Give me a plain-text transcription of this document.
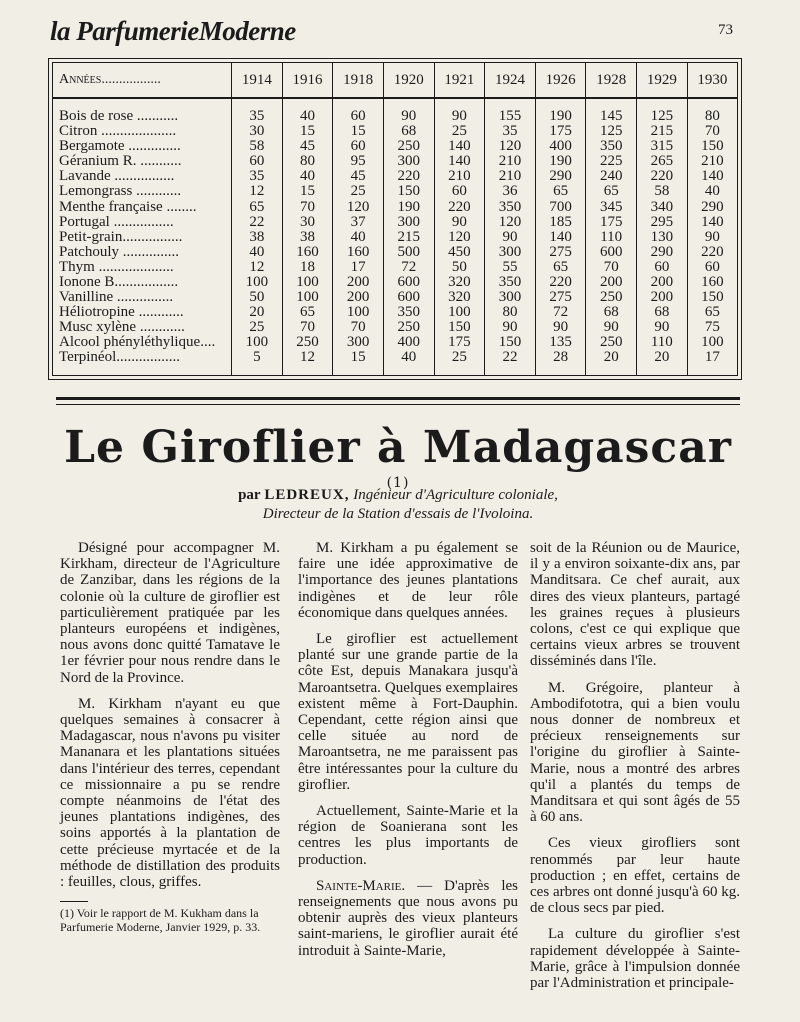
la ParfumerieModerne	73
Années.................	1914	1916	1918	1920	1921	1924	1926	1928	1929	1930

Bois de rose ...........	35	40	60	90	90	155	190	145	125	80
Citron ....................	30	15	15	68	25	35	175	125	215	70
Bergamote ..............	58	45	60	250	140	120	400	350	315	150
Géranium R. ...........	60	80	95	300	140	210	190	225	265	210
Lavande ................	35	40	45	220	210	210	290	240	220	140
Lemongrass ............	12	15	25	150	60	36	65	65	58	40
Menthe française ........	65	70	120	190	220	350	700	345	340	290
Portugal ................	22	30	37	300	90	120	185	175	295	140
Petit-grain................	38	38	40	215	120	90	140	110	130	90
Patchouly ...............	40	160	160	500	450	300	275	600	290	220
Thym ....................	12	18	17	72	50	55	65	70	60	60
Ionone B.................	100	100	200	600	320	350	220	200	200	160
Vanilline ...............	50	100	200	600	320	300	275	250	200	150
Héliotropine ............	20	65	100	350	100	80	72	68	68	65
Musc xylène ............	25	70	70	250	150	90	90	90	90	75
Alcool phényléthylique....	100	250	300	400	175	150	135	250	110	100
Terpinéol.................	5	12	15	40	25	22	28	20	20	17

Le Giroflier à Madagascar $^{(1)}$
par LEDREUX, Ingénieur d'Agriculture coloniale,
Directeur de la Station d'essais de l'Ivoloina.

Désigné pour accompagner M. Kirkham, directeur de l'Agriculture de Zanzibar, dans les régions de la colonie où la culture de giroflier est particulièrement pratiquée par les planteurs européens et indigènes, nous avons donc quitté Tamatave le 1er février pour nous rendre dans le Nord de la Province.

M. Kirkham n'ayant eu que quelques semaines à consacrer à Madagascar, nous n'avons pu visiter Mananara et les plantations situées dans l'intérieur des terres, cependant ce missionnaire a pu se rendre compte néanmoins de l'état des jeunes plantations indigènes, des soins apportés à la plantation de cette précieuse myrtacée et de la méthode de distillation des produits : feuilles, clous, griffes.

M. Kirkham a pu également se faire une idée approximative de l'importance des jeunes plantations indigènes et de leur rôle économique dans quelques années.

Le giroflier est actuellement planté sur une grande partie de la côte Est, depuis Manakara jusqu'à Maroantsetra. Quelques exemplaires existent même à Fort-Dauphin. Cependant, cette région ainsi que celle située au nord de Maroantsetra, ne me paraissent pas être intéressantes pour la culture du giroflier.

Actuellement, Sainte-Marie et la région de Soanierana sont les centres les plus importants de production.

Sainte-Marie. — D'après les renseignements que nous avons pu obtenir auprès des vieux planteurs saint-mariens, le giroflier aurait été introduit à Sainte-Marie,

soit de la Réunion ou de Maurice, il y a environ soixante-dix ans, par Manditsara. Ce chef aurait, aux dires des vieux planteurs, partagé les graines reçues à plusieurs colons, c'est ce qui explique que certains vieux arbres se trouvent disséminés dans l'île.

M. Grégoire, planteur à Ambodifototra, qui a bien voulu nous donner de nombreux et précieux renseignements sur l'origine du giroflier à Sainte-Marie, nous a montré des arbres qu'il a plantés du temps de Manditsara et qui sont âgés de 55 à 60 ans.

Ces vieux girofliers sont renommés par leur haute production ; en effet, certains de ces arbres ont donné jusqu'à 60 kg. de clous secs par pied.

La culture du giroflier s'est rapidement développée à Sainte-Marie, grâce à l'impulsion donnée par l'Administration et principale-

(1) Voir le rapport de M. Kukham dans la Parfumerie Moderne, Janvier 1929, p. 33.
